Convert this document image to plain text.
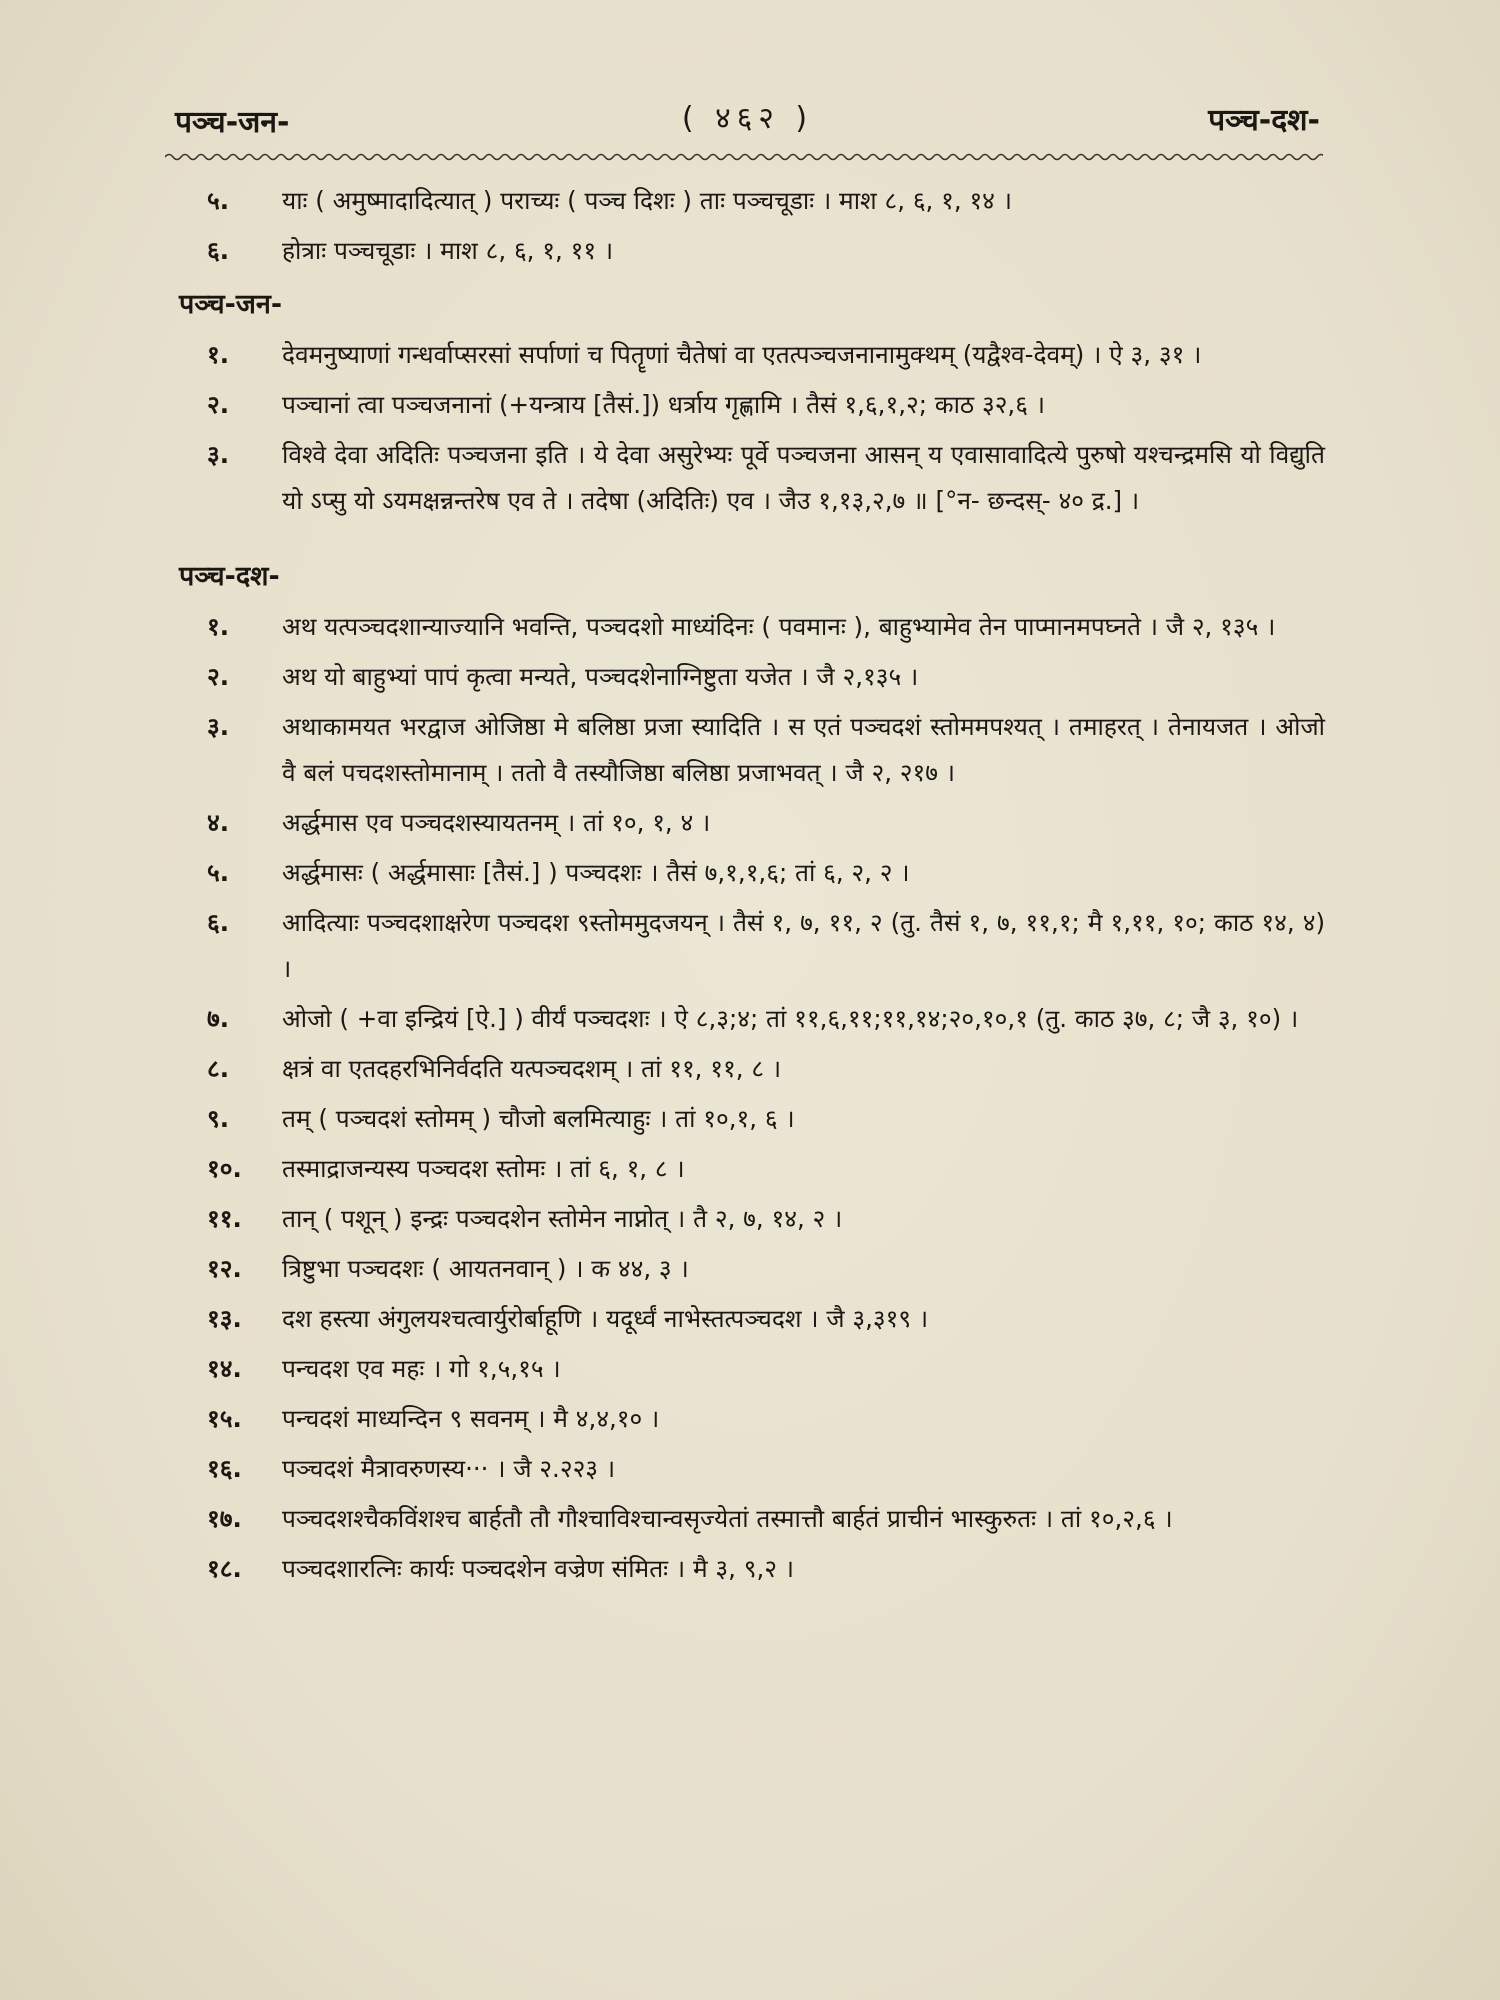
पञ्च-जन-	( ४६२ )	पञ्च-दश-
५.	याः ( अमुष्मादादित्यात् ) पराच्यः ( पञ्च दिशः ) ताः पञ्चचूडाः । माश ८, ६, १, १४ ।
६.	होत्राः पञ्चचूडाः । माश ८, ६, १, ११ ।
पञ्च-जन-
१.	देवमनुष्याणां गन्धर्वाप्सरसां सर्पाणां च पितॄणां चैतेषां वा एतत्पञ्चजनानामुक्थम् (यद्वैश्व-देवम्) । ऐ ३, ३१ ।
२.	पञ्चानां त्वा पञ्चजनानां (+यन्त्राय [तैसं.]) धर्त्राय गृह्णामि । तैसं १,६,१,२; काठ ३२,६ ।
३.	विश्वे देवा अदितिः पञ्चजना इति । ये देवा असुरेभ्यः पूर्वे पञ्चजना आसन् य एवासावादित्ये पुरुषो यश्चन्द्रमसि यो विद्युति यो ऽप्सु यो ऽयमक्षन्नन्तरेष एव ते । तदेषा (अदितिः) एव । जैउ १,१३,२,७ ॥ [°न- छन्दस्- ४० द्र.] ।
पञ्च-दश-
१.	अथ यत्पञ्चदशान्याज्यानि भवन्ति, पञ्चदशो माध्यंदिनः ( पवमानः ), बाहुभ्यामेव तेन पाप्मानमपघ्नते । जै २, १३५ ।
२.	अथ यो बाहुभ्यां पापं कृत्वा मन्यते, पञ्चदशेनाग्निष्टुता यजेत । जै २,१३५ ।
३.	अथाकामयत भरद्वाज ओजिष्ठा मे बलिष्ठा प्रजा स्यादिति । स एतं पञ्चदशं स्तोममपश्यत् । तमाहरत् । तेनायजत । ओजो वै बलं पचदशस्तोमानाम् । ततो वै तस्यौजिष्ठा बलिष्ठा प्रजाभवत् । जै २, २१७ ।
४.	अर्द्धमास एव पञ्चदशस्यायतनम् । तां १०, १, ४ ।
५.	अर्द्धमासः ( अर्द्धमासाः [तैसं.] ) पञ्चदशः । तैसं ७,१,१,६; तां ६, २, २ ।
६.	आदित्याः पञ्चदशाक्षरेण पञ्चदश ९स्तोममुदजयन् । तैसं १, ७, ११, २ (तु. तैसं १, ७, ११,१; मै १,११, १०; काठ १४, ४) ।
७.	ओजो ( +वा इन्द्रियं [ऐ.] ) वीर्यं पञ्चदशः । ऐ ८,३;४; तां ११,६,११;११,१४;२०,१०,१ (तु. काठ ३७, ८; जै ३, १०) ।
८.	क्षत्रं वा एतदहरभिनिर्वदति यत्पञ्चदशम् । तां ११, ११, ८ ।
९.	तम् ( पञ्चदशं स्तोमम् ) चौजो बलमित्याहुः । तां १०,१, ६ ।
१०.	तस्माद्राजन्यस्य पञ्चदश स्तोमः । तां ६, १, ८ ।
११.	तान् ( पशून् ) इन्द्रः पञ्चदशेन स्तोमेन नाप्नोत् । तै २, ७, १४, २ ।
१२.	त्रिष्टुभा पञ्चदशः ( आयतनवान् ) । क ४४, ३ ।
१३.	दश हस्त्या अंगुलयश्चत्वार्युरोर्बाहूणि । यदूर्ध्वं नाभेस्तत्पञ्चदश । जै ३,३१९ ।
१४.	पन्चदश एव महः । गो १,५,१५ ।
१५.	पन्चदशं माध्यन्दिन ९ सवनम् । मै ४,४,१० ।
१६.	पञ्चदशं मैत्रावरुणस्य··· । जै २.२२३ ।
१७.	पञ्चदशश्चैकविंशश्च बार्हतौ तौ गौश्चाविश्चान्वसृज्येतां तस्मात्तौ बार्हतं प्राचीनं भास्कुरुतः । तां १०,२,६ ।
१८.	पञ्चदशारत्निः कार्यः पञ्चदशेन वज्रेण संमितः । मै ३, ९,२ ।
